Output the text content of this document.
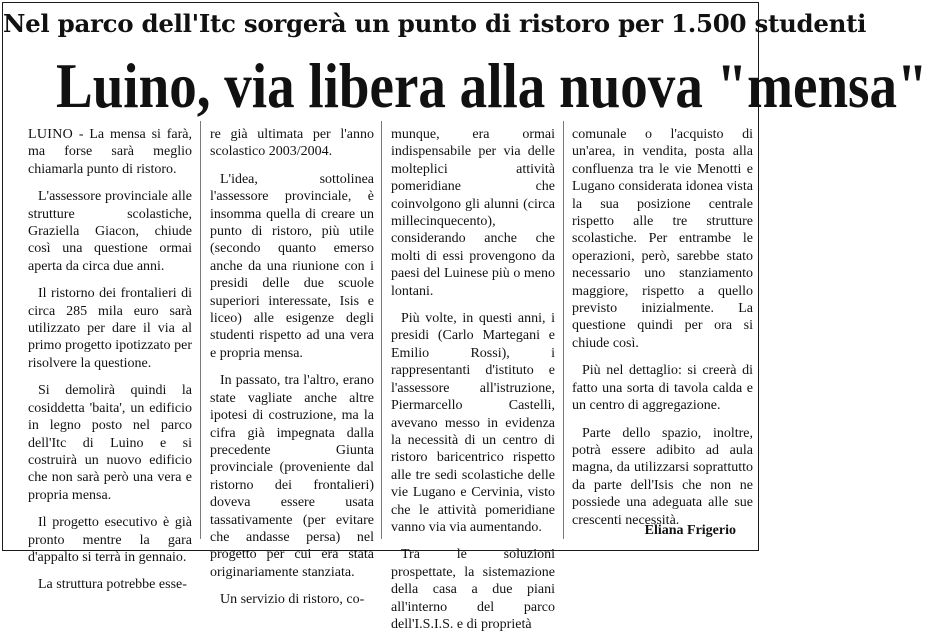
Nel parco dell'Itc sorgerà un punto di ristoro per 1.500 studenti
Luino, via libera alla nuova "mensa"

LUINO - La mensa si farà, ma forse sarà meglio chiamarla punto di ristoro.

L'assessore provinciale alle strutture scolastiche, Graziella Giacon, chiude così una questione ormai aperta da circa due anni.

Il ristorno dei frontalieri di circa 285 mila euro sarà utilizzato per dare il via al primo progetto ipotizzato per risolvere la questione.

Si demolirà quindi la cosiddetta 'baita', un edificio in legno posto nel parco dell'Itc di Luino e si costruirà un nuovo edificio che non sarà però una vera e propria mensa.

Il progetto esecutivo è già pronto mentre la gara d'appalto si terrà in gennaio.

La struttura potrebbe esse-

re già ultimata per l'anno scolastico 2003/2004.

L'idea, sottolinea l'assessore provinciale, è insomma quella di creare un punto di ristoro, più utile (secondo quanto emerso anche da una riunione con i presidi delle due scuole superiori interessate, Isis e liceo) alle esigenze degli studenti rispetto ad una vera e propria mensa.

In passato, tra l'altro, erano state vagliate anche altre ipotesi di costruzione, ma la cifra già impegnata dalla precedente Giunta provinciale (proveniente dal ristorno dei frontalieri) doveva essere usata tassativamente (per evitare che andasse persa) nel progetto per cui era stata originariamente stanziata.

Un servizio di ristoro, co-

munque, era ormai indispensabile per via delle molteplici attività pomeridiane che coinvolgono gli alunni (circa millecinquecento), considerando anche che molti di essi provengono da paesi del Luinese più o meno lontani.

Più volte, in questi anni, i presidi (Carlo Martegani e Emilio Rossi), i rappresentanti d'istituto e l'assessore all'istruzione, Piermarcello Castelli, avevano messo in evidenza la necessità di un centro di ristoro baricentrico rispetto alle tre sedi scolastiche delle vie Lugano e Cervinia, visto che le attività pomeridiane vanno via via aumentando.

Tra le soluzioni prospettate, la sistemazione della casa a due piani all'interno del parco dell'I.S.I.S. e di proprietà

comunale o l'acquisto di un'area, in vendita, posta alla confluenza tra le vie Menotti e Lugano considerata idonea vista la sua posizione centrale rispetto alle tre strutture scolastiche. Per entrambe le operazioni, però, sarebbe stato necessario uno stanziamento maggiore, rispetto a quello previsto inizialmente. La questione quindi per ora si chiude così.

Più nel dettaglio: si creerà di fatto una sorta di tavola calda e un centro di aggregazione.

Parte dello spazio, inoltre, potrà essere adibito ad aula magna, da utilizzarsi soprattutto da parte dell'Isis che non ne possiede una adeguata alle sue crescenti necessità.

Eliana Frigerio
